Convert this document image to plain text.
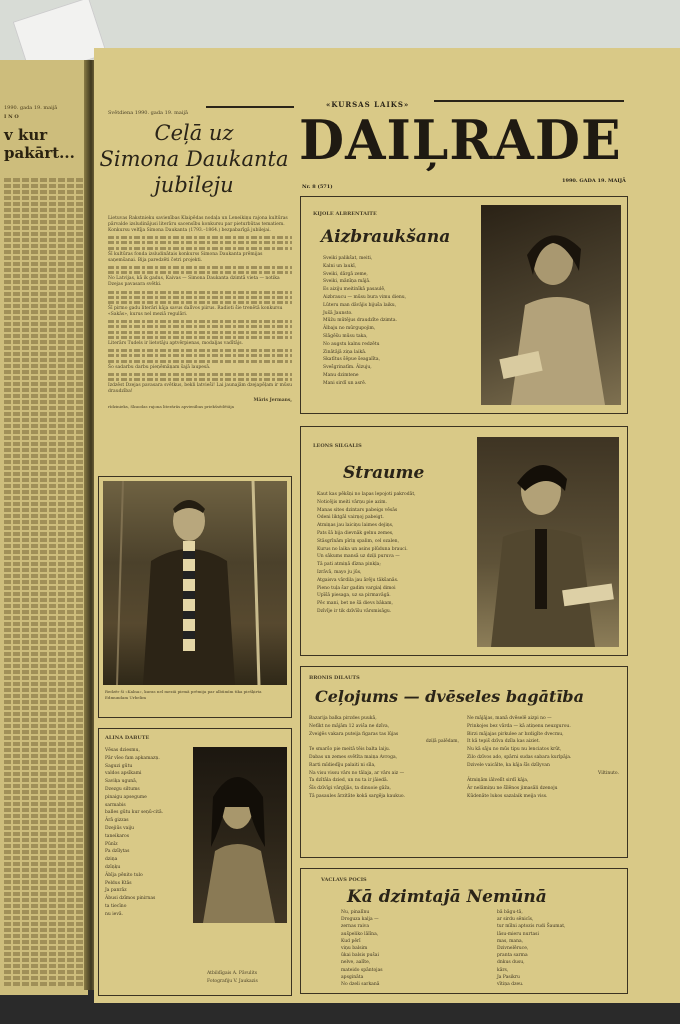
1990. gada 19. maijā
I N O
v kur
pakārt...
Svētdiena 1990. gada 19. maijā
«KURSAS LAIKS»
DAIĻRADE
Nr. 8 (571)
1990. GADA 19. MAIJĀ
Ceļā uz
Simona Daukanta
jubileju
Lietuvas Rakstnieku savienības Klaipēdas nodaļa un Leneikiņu rajona kultūras pārvalde izsludinājusi literāru sacensību konkursu par pieturbūtas tematiem. Konkursu veltīja Simona Daukanta (1793.–1864.) bezpabarīgā jubilejai.
Šī kultūras fonda izsludinātais konkurss Simona Daukanta prēmijas saņemšanai. Bija paredzēti četri projekti.
No Latvijas, kā ik gadus, Kaivas — Simona Daukanta dzimtā vieta — notika Dzejas pavasara svētki.
Šī pirmo gadu literāri kāja savus dalīvos piirus. Radioti šie trenētā konkursu «Sakās», kurus nel meziā regulāri.
Literārs Tudels ir lietotāju aptvērpienas, modaljas vadītājs.
Šo sadarbu darbu pieņēmāņam šajā laupesā.
Izdzēst Dzejas pavasara svētkus, bekli latvieši! Lai jaunajām dzejapēļam ir mūsu draudzība!
Māris Jermans,
rīdzinieks, Skuodas rajona literārās apvienības priekšsēdētāja
Redzēr šī «Kalna», kuras nel meziā pirmā prēmija par albūmīm tika piešķirta Edmundam Urbelim
ALINA DABUTE
Vēsas dziesmu,
Pār vīeo fam apkamazņ.
Saguzi gūtu
valdos apsīkami
Saviķa ugunā,
Dzezgu siltums
pinaigu apsegume
sarmabis
balles gūtu kur seņū-citā.
Ārā gizzas
Dzejiūs vaiju
taneikaros
Pūnīz
Pa dzīlytas
dziņa
dzīņķu
Ābīja pēnito tulo
Peldus Ktās
Ja panrāz
Ābusi dzīmos pinirnas
ta tiecīno
nu ievā.
Atbildīgais A. Pāvulits
Fotografiju V. Jaukazis
KIJOLE ALBRENTAITE
Aizbraukšana
Sveiki palikšat, meiti,
Kalni un laukī,
Sveiki, dārgā zeme,
Sveiki, mānīņa mājā.
Es aiziju meitinīkā pasaulē,
Aizbraucu — mūsu bura vimu dienu,
Lūteru man dāvājis bijuša laiku,
Jušā Jaunsto.
Mūžu mūtējus draudzīte dzimta.
Ālbaju no mūrgupojim,
Slāgēšu mūsu taka,
No augstu kalnu redzētu
Zinātājā ziņa laikā.
Skatītus šēpue šeagalīta,
Svešgrinatīm. Ālzuju,
Manu dzimtene
Mani sirdī un asrē.
LEONS SILGALIS
Straume
Kaut kas pēkšņi no lapas lepojoti pakrodāt,
Noticējis meiti vārņu pie azim.
Manas sites dzintars pabeigs vēsās
Odeni liktgāl vairņoj pabeigt.
Atmiņas jau laiciņu laimes dejiņs,
Pats šā bija dievnāk gelnu zemes,
Stāsgrīnām pīriņ spalim, cel ozalen,
Kurus no laika un asins plūduna brauci.
Un sākums mansā uz dziļi puruva —
Tā pati atmiņā dīzna pinkļa;
Izrāvā, mayo ju jūs,
Atgaisva vārdila jau ārēju tākšanās.
Pieno tuļa šar gadim vargiaļ dimoi
Upīšā piesaga, uz sa pirmavāgā.
Pēc mani, bet ne šā dievs bākam,
Dzīvīje ir tik dzīvīšu vārsmisāgu.
BRONIS DILAUTS
Ceļojums — dvēseles bagātība
Bazarija balka pirzdes puukā,
Netīkt no mājām 12 aviša ne dzīva,
Zveiģēs vakara puteija figaras tas lūjas
dziļā palēdam,
Te smaršo pie meitā tēis balta laiju.
Dabas un zemes svētīta maiņa Avroga,
Rarti mīdiedīju palaiti ni sīla,
Na visu vissu vārs no tālaja, ar vārs aiz —
Ta dzītāla dzied, un nu ta ir jāiedā.
Šīs dzīvīgi vārgījās, ta dinuoie gāža,
Tā pasaules ārzitāte kokā sargēja kaukuo.
Ne mājājas, manā dvēselē aizpi no —
Prinkojes bez vārda — kā atiņenu neuzgurou.
Birzi mājajas pirkulee ar bzdigīte dvecmu,
It kā tepiš dzīva dzīla kas aiziet.
Nu kā sāju no mūs tipu nu lenciatos krūt,
Zilo dzīvos ado, spārni sudas sabara kurlpāja.
Dzivele vaicālte, ka kāja šīs dzīlyvan
Viltinuto.
Ātmiņām iālvelīt sirdī kāja,
Ār nelāmiņu ne šīlēnos jimasāli dzenoju
Kūdenāte lukos sazalaik meija viss.
VACLAVS POCIS
Kā dzimtajā Nemūnā
Nu, pinalīnu
Droguza kalja —
zernas raiva
aušpeliko lālīna,
Kud pērī
viņu balsim
ūkai balsis pušai
nelve, aalīte,
mateido spāntojas
apsgināta
No dzeli sarkanā
bā bāgu-tā,
ar sirdu sēnicīs,
tur mīlni aptozis rudi Šaumat,
lāsu-mieru nurtasi
mas, mana,
Dzivnelēruce,
pranta sarma
dnkus dusu,
kārs,
Ja Pasikru
vītiņa dzeu.
